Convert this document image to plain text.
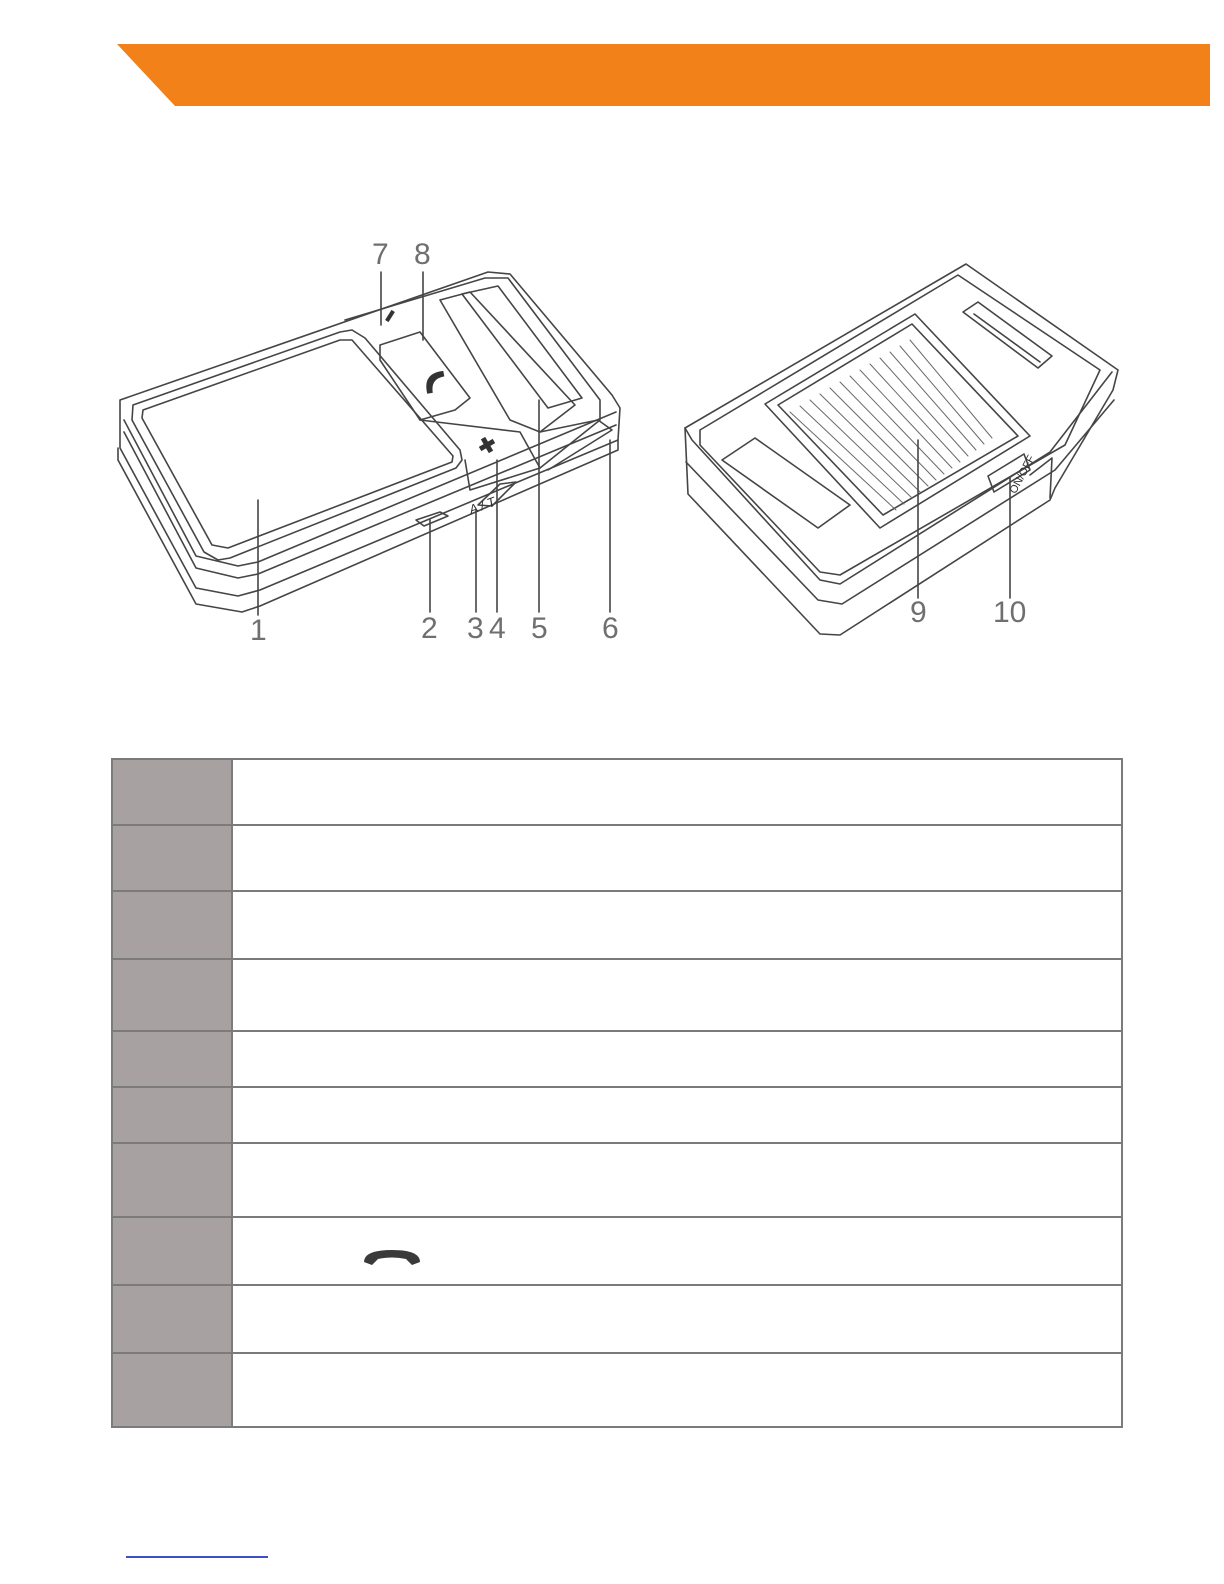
A / T
ON/OFF
7 8
1	2 3 4 5 6	9 10
